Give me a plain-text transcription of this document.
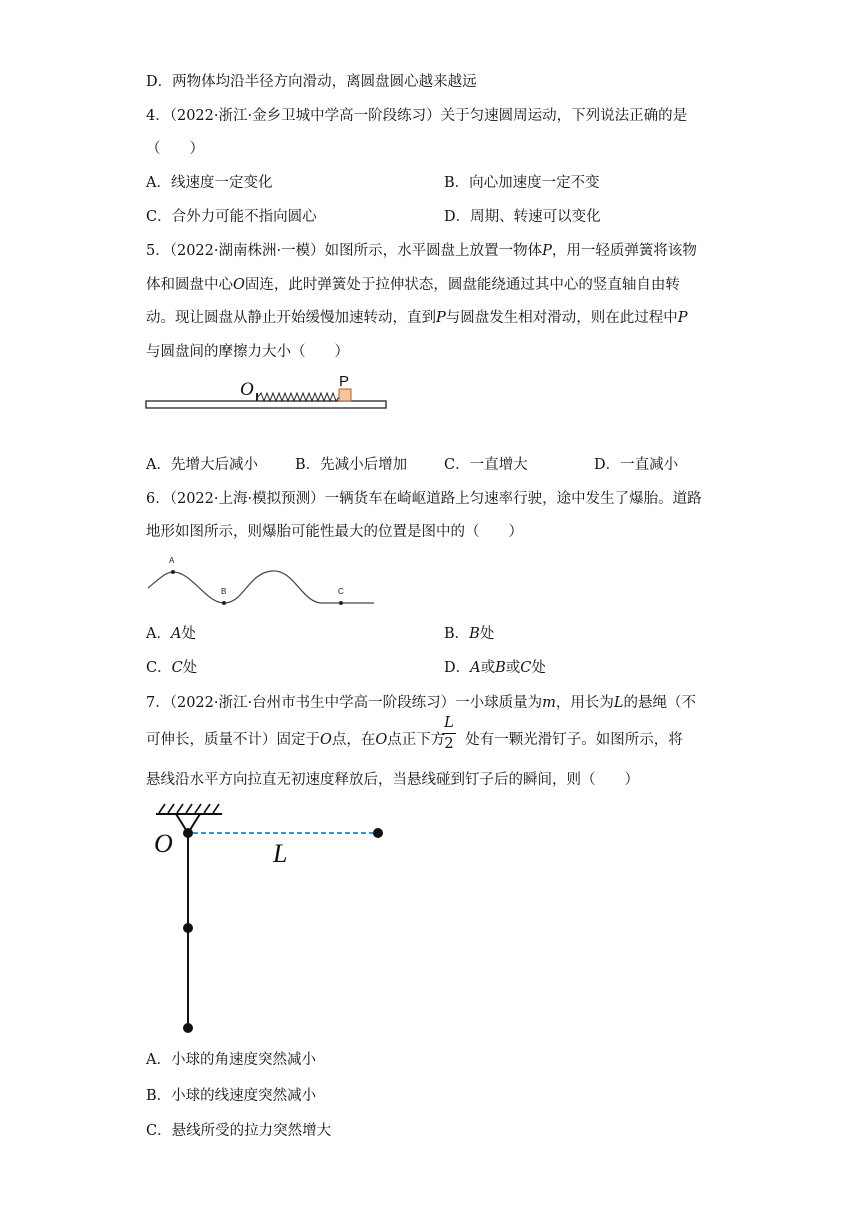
D．两物体均沿半径方向滑动，离圆盘圆心越来越远
4．（2022·浙江·金乡卫城中学高一阶段练习）关于匀速圆周运动，下列说法正确的是
（　　）
A．线速度一定变化	B．向心加速度一定不变
C．合外力可能不指向圆心	D．周期、转速可以变化
5．（2022·湖南株洲·一模）如图所示，水平圆盘上放置一物体P，用一轻质弹簧将该物
体和圆盘中心O固连，此时弹簧处于拉伸状态，圆盘能绕通过其中心的竖直轴自由转
动。现让圆盘从静止开始缓慢加速转动，直到P与圆盘发生相对滑动，则在此过程中P
与圆盘间的摩擦力大小（　　）
O	P
A．先增大后减小	B．先减小后增加	C．一直增大	D．一直减小
6．（2022·上海·模拟预测）一辆货车在崎岖道路上匀速率行驶，途中发生了爆胎。道路
地形如图所示，则爆胎可能性最大的位置是图中的（　　）
A
B	C
A．A处	B．B处
C．C处	D．A或B或C处
7．（2022·浙江·台州市书生中学高一阶段练习）一小球质量为m，用长为L的悬绳（不
可伸长，质量不计）固定于O点，在O点正下方 处有一颗光滑钉子。如图所示，将
L
2
悬线沿水平方向拉直无初速度释放后，当悬线碰到钉子后的瞬间，则（　　）
O	L
A．小球的角速度突然减小
B．小球的线速度突然减小
C．悬线所受的拉力突然增大
